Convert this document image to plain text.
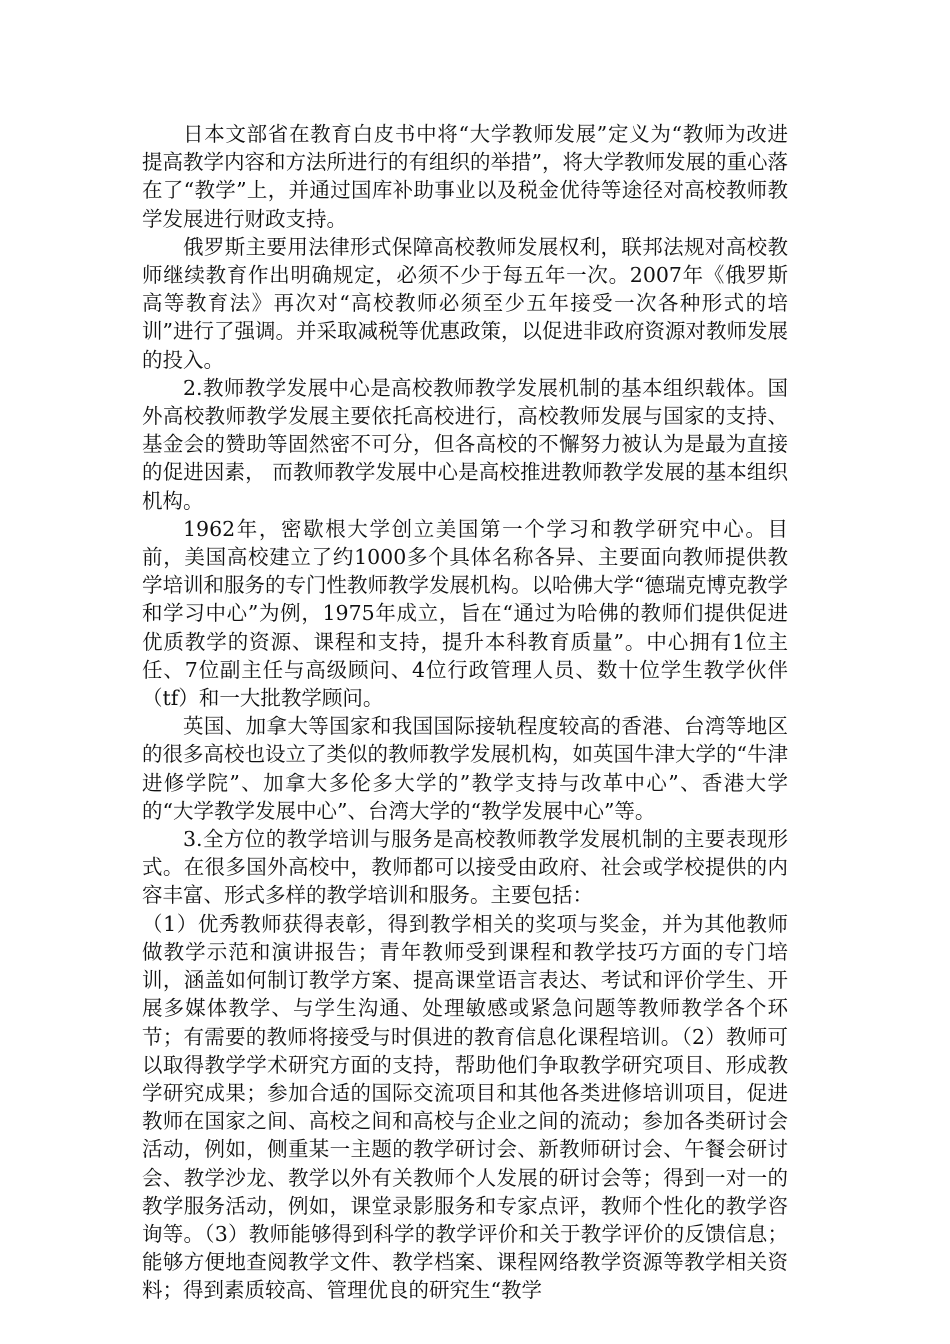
日本文部省在教育白皮书中将“大学教师发展”定义为“教师为改进提高教学内容和方法所进行的有组织的举措”，将大学教师发展的重心落在了“教学”上，并通过国库补助事业以及税金优待等途径对高校教师教学发展进行财政支持。

俄罗斯主要用法律形式保障高校教师发展权利，联邦法规对高校教师继续教育作出明确规定，必须不少于每五年一次。2007年《俄罗斯高等教育法》再次对“高校教师必须至少五年接受一次各种形式的培训”进行了强调。并采取减税等优惠政策，以促进非政府资源对教师发展的投入。

2.教师教学发展中心是高校教师教学发展机制的基本组织载体。国外高校教师教学发展主要依托高校进行，高校教师发展与国家的支持、基金会的赞助等固然密不可分，但各高校的不懈努力被认为是最为直接的促进因素， 而教师教学发展中心是高校推进教师教学发展的基本组织机构。

1962年，密歇根大学创立美国第一个学习和教学研究中心。目前，美国高校建立了约1000多个具体名称各异、主要面向教师提供教学培训和服务的专门性教师教学发展机构。以哈佛大学“德瑞克博克教学和学习中心”为例，1975年成立，旨在“通过为哈佛的教师们提供促进优质教学的资源、课程和支持，提升本科教育质量”。中心拥有1位主任、7位副主任与高级顾问、4位行政管理人员、数十位学生教学伙伴（tf）和一大批教学顾问。

英国、加拿大等国家和我国国际接轨程度较高的香港、台湾等地区的很多高校也设立了类似的教师教学发展机构，如英国牛津大学的“牛津进修学院”、加拿大多伦多大学的”教学支持与改革中心”、香港大学的“大学教学发展中心”、台湾大学的“教学发展中心”等。

3.全方位的教学培训与服务是高校教师教学发展机制的主要表现形式。在很多国外高校中，教师都可以接受由政府、社会或学校提供的内容丰富、形式多样的教学培训和服务。主要包括：

（1）优秀教师获得表彰，得到教学相关的奖项与奖金，并为其他教师做教学示范和演讲报告；青年教师受到课程和教学技巧方面的专门培训，涵盖如何制订教学方案、提高课堂语言表达、考试和评价学生、开展多媒体教学、与学生沟通、处理敏感或紧急问题等教师教学各个环节；有需要的教师将接受与时俱进的教育信息化课程培训。（2）教师可以取得教学学术研究方面的支持，帮助他们争取教学研究项目、形成教学研究成果；参加合适的国际交流项目和其他各类进修培训项目，促进教师在国家之间、高校之间和高校与企业之间的流动；参加各类研讨会活动，例如，侧重某一主题的教学研讨会、新教师研讨会、午餐会研讨会、教学沙龙、教学以外有关教师个人发展的研讨会等；得到一对一的教学服务活动，例如，课堂录影服务和专家点评，教师个性化的教学咨询等。（3）教师能够得到科学的教学评价和关于教学评价的反馈信息；能够方便地查阅教学文件、教学档案、课程网络教学资源等教学相关资料；得到素质较高、管理优良的研究生“教学
